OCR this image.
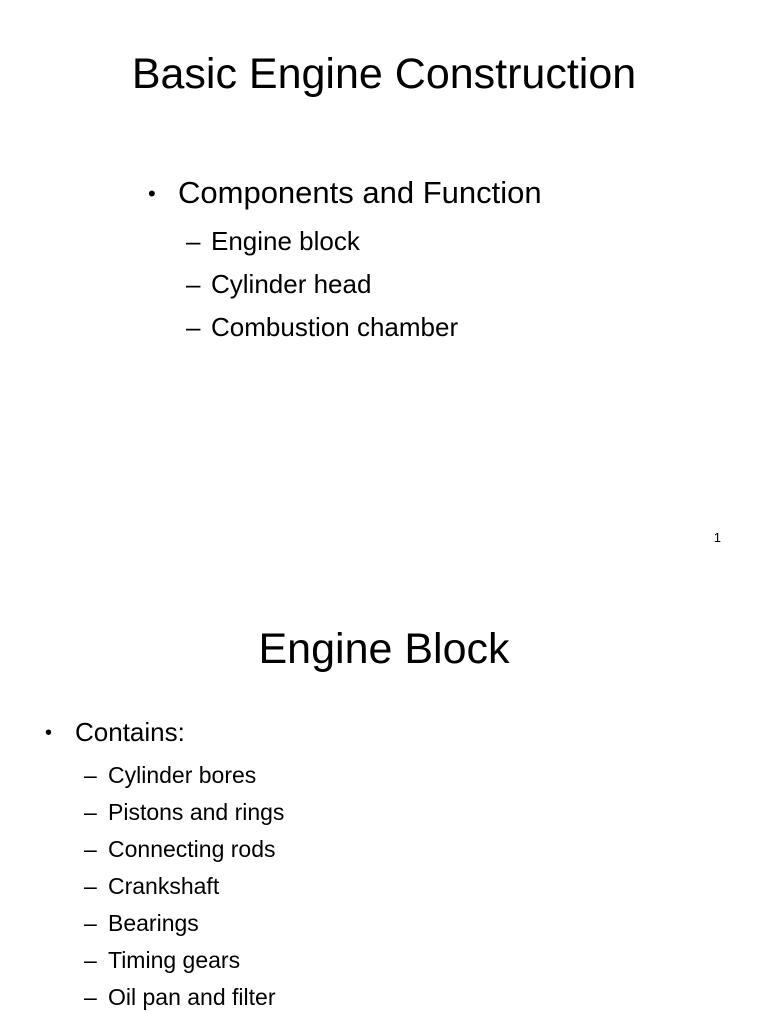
Basic Engine Construction
• Components and Function
– Engine block
– Cylinder head
– Combustion chamber
1
Engine Block
• Contains:
– Cylinder bores
– Pistons and rings
– Connecting rods
– Crankshaft
– Bearings
– Timing gears
– Oil pan and filter
